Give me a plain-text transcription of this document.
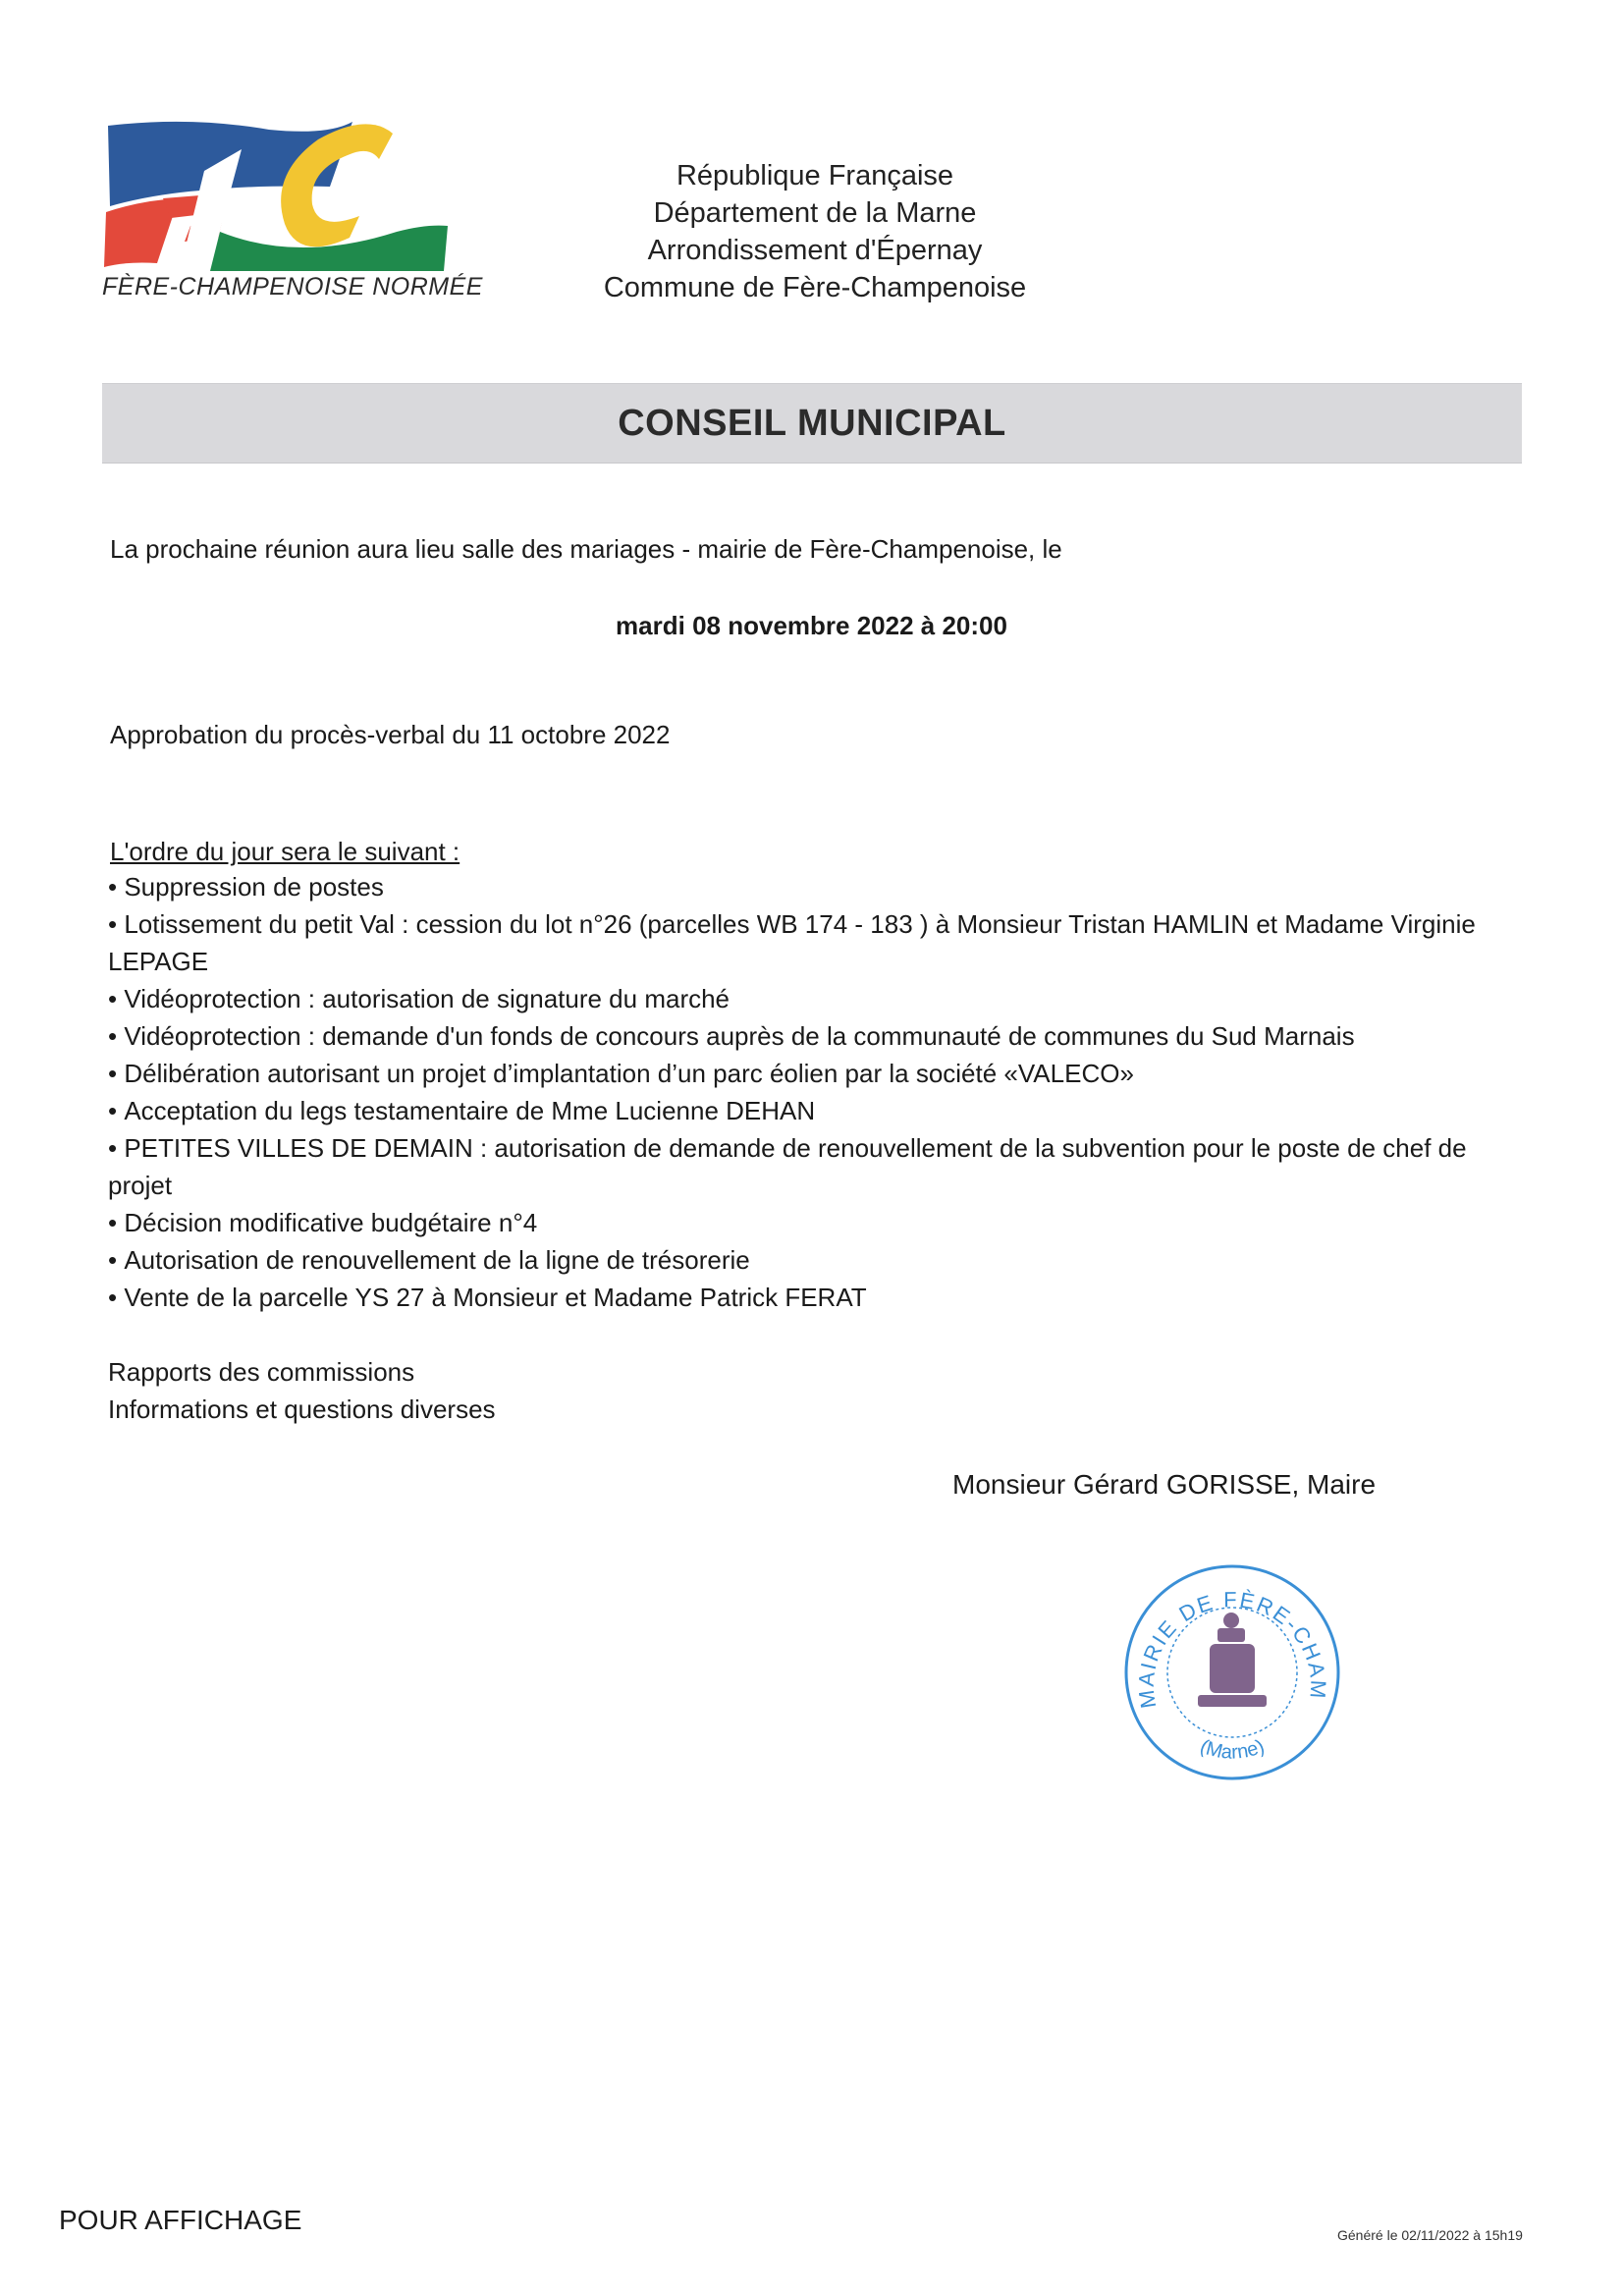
FÈRE-CHAMPENOISE NORMÉE
République Française
Département de la Marne
Arrondissement d'Épernay
Commune de Fère-Champenoise
CONSEIL MUNICIPAL
La prochaine réunion aura lieu salle des mariages - mairie de Fère-Champenoise, le
mardi 08 novembre 2022 à 20:00
Approbation du procès-verbal du 11 octobre 2022
L'ordre du jour sera le suivant :
• Suppression de postes
• Lotissement du petit Val : cession du lot n°26 (parcelles WB 174 - 183 ) à Monsieur Tristan HAMLIN et Madame Virginie LEPAGE
• Vidéoprotection : autorisation de signature du marché
• Vidéoprotection : demande d'un fonds de concours auprès de la communauté de communes du Sud Marnais
• Délibération autorisant un projet d’implantation d’un parc éolien par la société «VALECO»
• Acceptation du legs testamentaire de Mme Lucienne DEHAN
• PETITES VILLES DE DEMAIN : autorisation de demande de renouvellement de la subvention pour le poste de chef de projet
• Décision modificative budgétaire n°4
• Autorisation de renouvellement de la ligne de trésorerie
• Vente de la parcelle YS 27 à Monsieur et Madame Patrick FERAT
Rapports des commissions
Informations et questions diverses
Monsieur Gérard GORISSE, Maire
MAIRIE DE FÈRE-CHAM
(Marne)
POUR AFFICHAGE	Généré le 02/11/2022 à 15h19
